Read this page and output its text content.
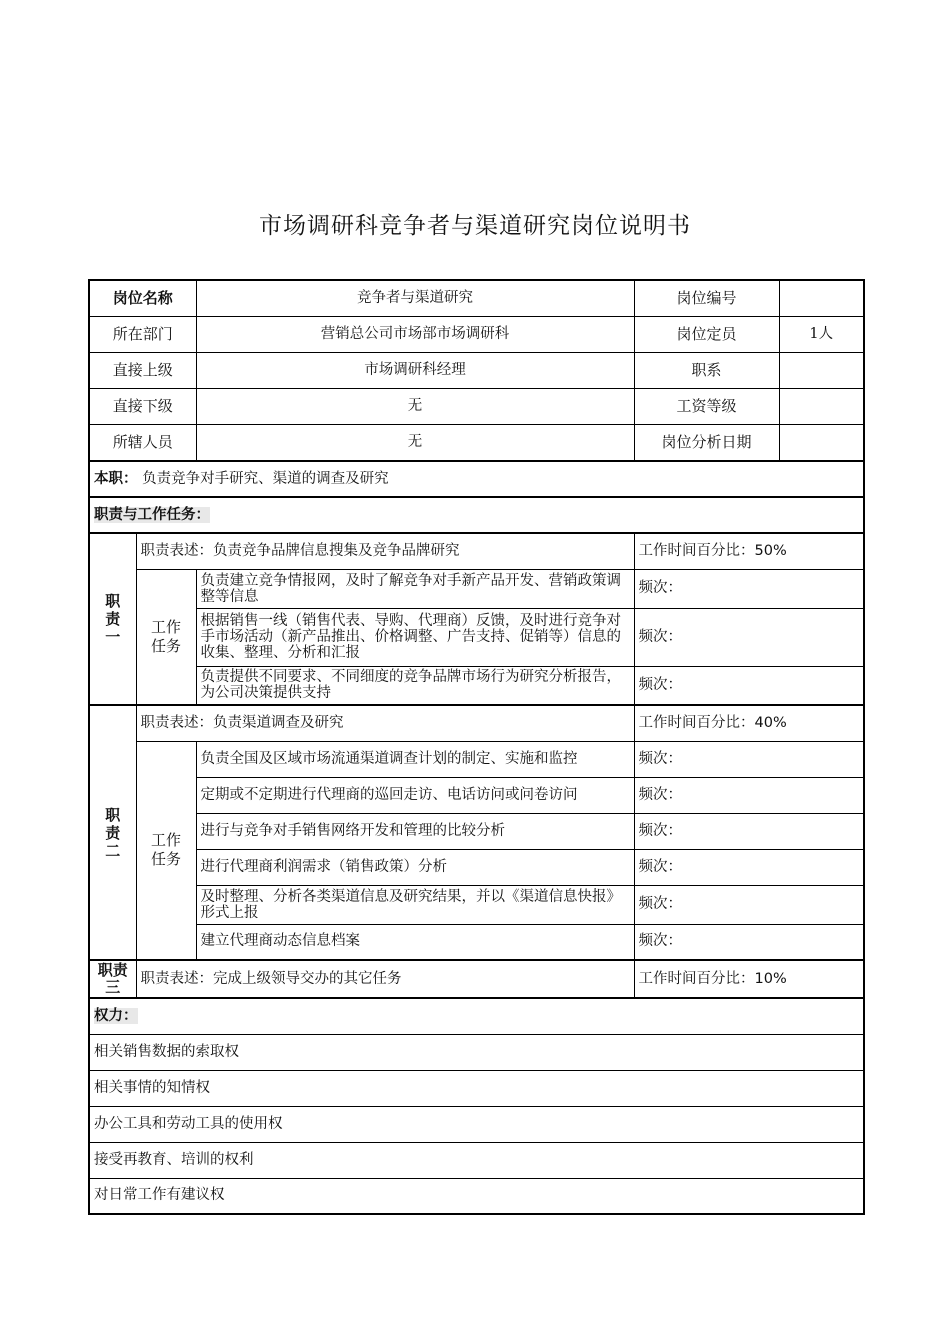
市场调研科竞争者与渠道研究岗位说明书
岗位名称		竞争者与渠道研究	岗位编号	
所在部门		营销总公司市场部市场调研科	岗位定员	1人
直接上级		市场调研科经理	职系	
直接下级		无	工资等级	
所辖人员		无	岗位分析日期	
本职： 负责竞争对手研究、渠道的调查及研究				
职责与工作任务：				
职
责
一	职责表述：负责竞争品牌信息搜集及竞争品牌研究		工作时间百分比：50%	
	工作
任务	负责建立竞争情报网，及时了解竞争对手新产品开发、营销政策调整等信息	频次：	
		根据销售一线（销售代表、导购、代理商）反馈，及时进行竞争对手市场活动（新产品推出、价格调整、广告支持、促销等）信息的收集、整理、分析和汇报	频次：	
		负责提供不同要求、不同细度的竞争品牌市场行为研究分析报告，为公司决策提供支持	频次：	
职
责
二	职责表述：负责渠道调查及研究		工作时间百分比：40%	
	工作
任务	负责全国及区域市场流通渠道调查计划的制定、实施和监控	频次：	
		定期或不定期进行代理商的巡回走访、电话访问或问卷访问	频次：	
		进行与竞争对手销售网络开发和管理的比较分析	频次：	
		进行代理商利润需求（销售政策）分析	频次：	
		及时整理、分析各类渠道信息及研究结果，并以《渠道信息快报》形式上报	频次：	
		建立代理商动态信息档案	频次：	
职责
三	职责表述：完成上级领导交办的其它任务		工作时间百分比：10%	
权力：				
相关销售数据的索取权				
相关事情的知情权				
办公工具和劳动工具的使用权				
接受再教育、培训的权利				
对日常工作有建议权				
